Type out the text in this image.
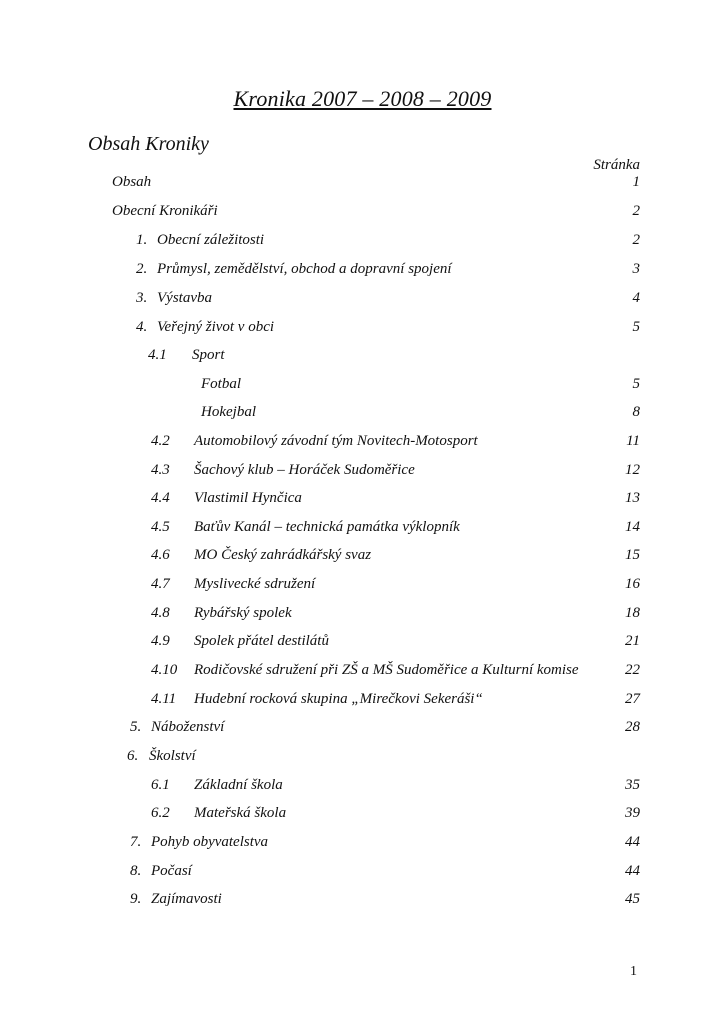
Kronika 2007 – 2008 – 2009
Obsah Kroniky
Stránka
Obsah	1
Obecní Kronikáři	2
1. Obecní záležitosti	2
2. Průmysl, zemědělství, obchod a dopravní spojení	3
3. Výstavba	4
4. Veřejný život v obci	5
4.1 Sport
Fotbal	5
Hokejbal	8
4.2 Automobilový závodní tým Novitech-Motosport	11
4.3 Šachový klub – Horáček Sudoměřice	12
4.4 Vlastimil Hynčica	13
4.5 Baťův Kanál – technická památka výklopník	14
4.6 MO Český zahrádkářský svaz	15
4.7 Myslivecké sdružení	16
4.8 Rybářský spolek	18
4.9 Spolek přátel destilátů	21
4.10 Rodičovské sdružení při ZŠ a MŠ Sudoměřice a Kulturní komise	22
4.11 Hudební rocková skupina „Mirečkovi Sekeráši“	27
5. Náboženství	28
6. Školství
6.1 Základní škola	35
6.2 Mateřská škola	39
7. Pohyb obyvatelstva	44
8. Počasí	44
9. Zajímavosti	45
1
